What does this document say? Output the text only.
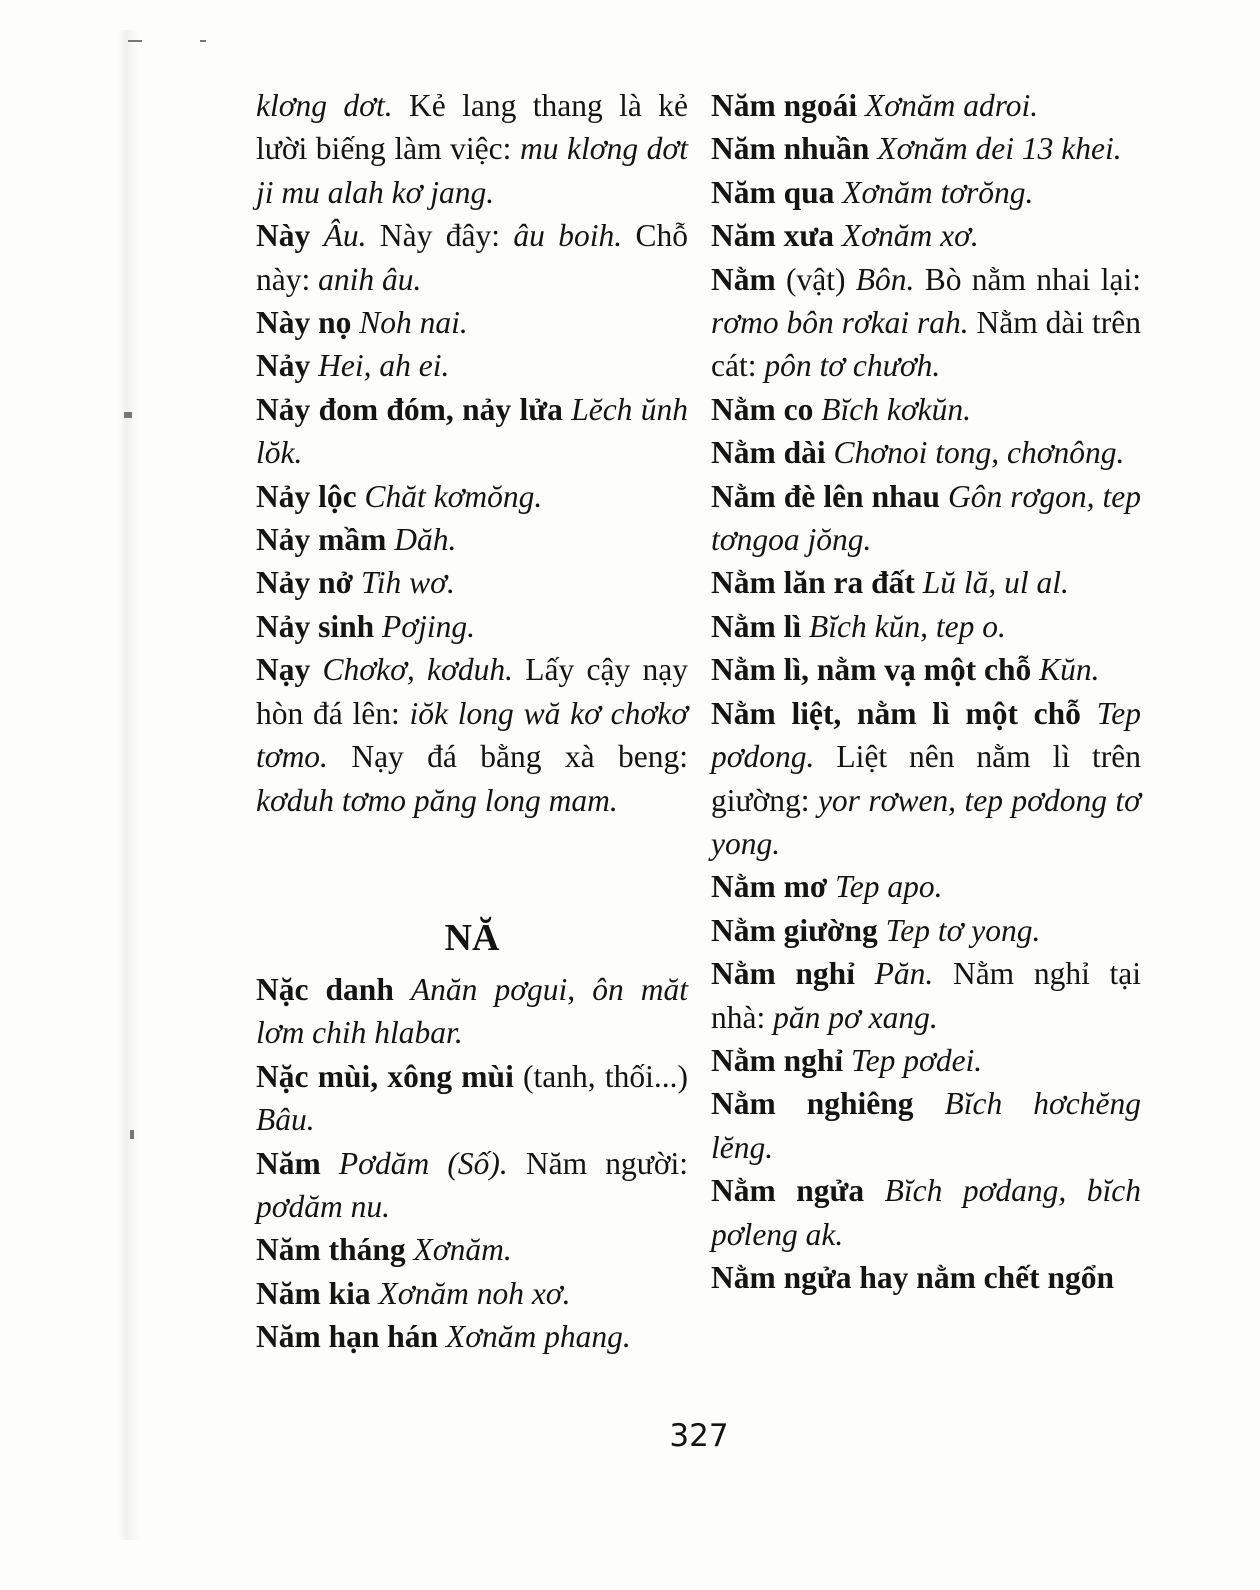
klơng dơt. Kẻ lang thang là kẻ lười biếng làm việc: mu klơng dơt ji mu alah kơ jang.
Này Âu. Này đây: âu boih. Chỗ này: anih âu.
Này nọ Noh nai.
Nảy Hei, ah ei.
Nảy đom đóm, nảy lửa Lĕch ŭnh lŏk.
Nảy lộc Chăt kơmŏng.
Nảy mầm Dăh.
Nảy nở Tih wơ.
Nảy sinh Pơjing.
Nạy Chơkơ, kơduh. Lấy cậy nạy hòn đá lên: iŏk long wă kơ chơkơ tơmo. Nạy đá bằng xà beng: kơduh tơmo păng long mam.
NĂ
Nặc danh Anăn pơgui, ôn măt lơm chih hlabar.
Nặc mùi, xông mùi (tanh, thối...) Bâu.
Năm Pơdăm (Số). Năm người: pơdăm nu.
Năm tháng Xơnăm.
Năm kia Xơnăm noh xơ.
Năm hạn hán Xơnăm phang.
Năm ngoái Xơnăm adroi.
Năm nhuần Xơnăm dei 13 khei.
Năm qua Xơnăm tơrŏng.
Năm xưa Xơnăm xơ.
Nằm (vật) Bôn. Bò nằm nhai lại: rơmo bôn rơkai rah. Nằm dài trên cát: pôn tơ chươh.
Nằm co Bĭch kơkŭn.
Nằm dài Chơnoi tong, chơnông.
Nằm đè lên nhau Gôn rơgon, tep tơngoa jŏng.
Nằm lăn ra đất Lŭ lă, ul al.
Nằm lì Bĭch kŭn, tep o.
Nằm lì, nằm vạ một chỗ Kŭn.
Nằm liệt, nằm lì một chỗ Tep pơdong. Liệt nên nằm lì trên giường: yor rơwen, tep pơdong tơ yong.
Nằm mơ Tep apo.
Nằm giường Tep tơ yong.
Nằm nghỉ Păn. Nằm nghỉ tại nhà: păn pơ xang.
Nằm nghỉ Tep pơdei.
Nằm nghiêng Bĭch hơchĕng lĕng.
Nằm ngửa Bĭch pơdang, bĭch pơleng ak.
Nằm ngửa hay nằm chết ngổn
327
